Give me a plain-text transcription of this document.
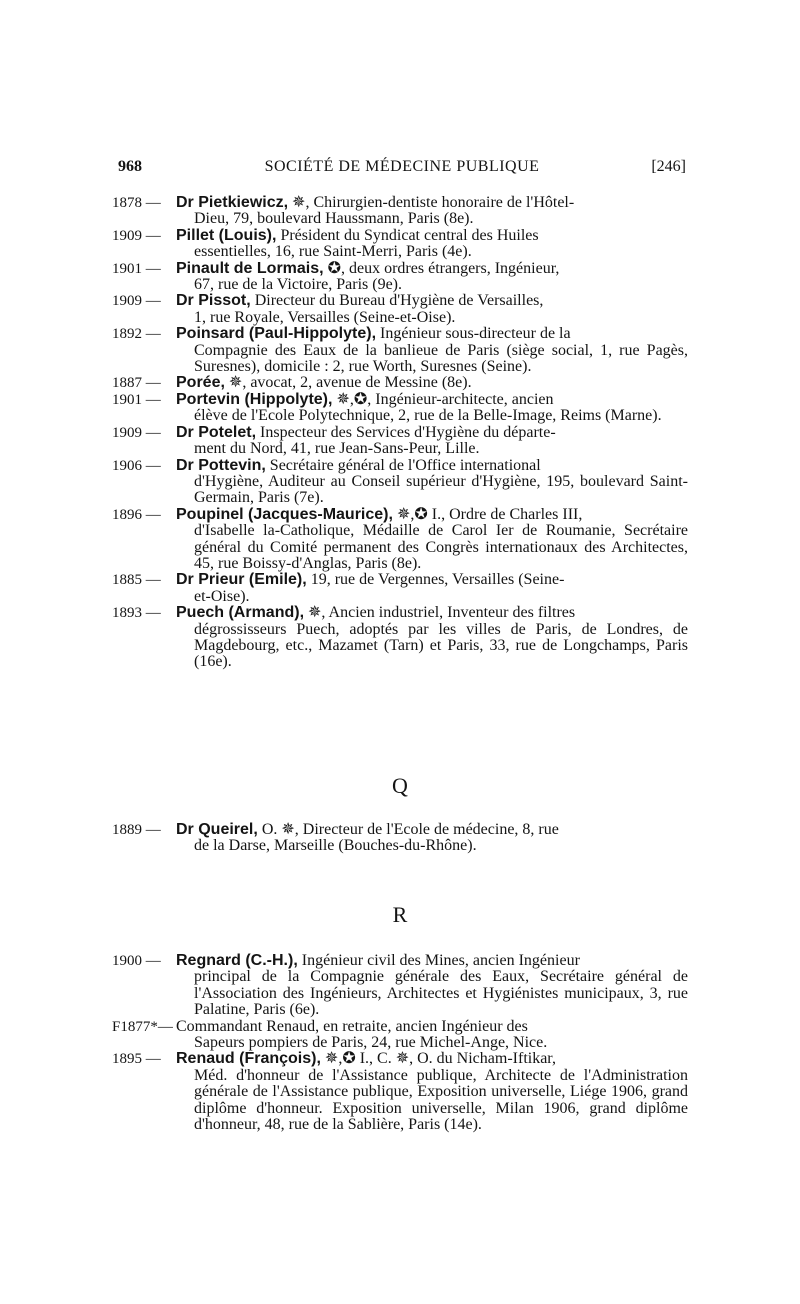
968	SOCIÉTÉ DE MÉDECINE PUBLIQUE	[246]
1878 — Dr Pietkiewicz, ✵, Chirurgien-dentiste honoraire de l'Hôtel-
Dieu, 79, boulevard Haussmann, Paris (8e).
1909 — Pillet (Louis), Président du Syndicat central des Huiles
essentielles, 16, rue Saint-Merri, Paris (4e).
1901 — Pinault de Lormais, ✪, deux ordres étrangers, Ingénieur,
67, rue de la Victoire, Paris (9e).
1909 — Dr Pissot, Directeur du Bureau d'Hygiène de Versailles,
1, rue Royale, Versailles (Seine-et-Oise).
1892 — Poinsard (Paul-Hippolyte), Ingénieur sous-directeur de la
Compagnie des Eaux de la banlieue de Paris (siège social, 1, rue Pagès, Suresnes), domicile : 2, rue Worth, Suresnes (Seine).
1887 — Porée, ✵, avocat, 2, avenue de Messine (8e).
1901 — Portevin (Hippolyte), ✵,✪, Ingénieur-architecte, ancien
élève de l'Ecole Polytechnique, 2, rue de la Belle-Image, Reims (Marne).
1909 — Dr Potelet, Inspecteur des Services d'Hygiène du départe-
ment du Nord, 41, rue Jean-Sans-Peur, Lille.
1906 — Dr Pottevin, Secrétaire général de l'Office international
d'Hygiène, Auditeur au Conseil supérieur d'Hygiène, 195, boulevard Saint-Germain, Paris (7e).
1896 — Poupinel (Jacques-Maurice), ✵,✪ I., Ordre de Charles III,
d'Isabelle la-Catholique, Médaille de Carol Ier de Roumanie, Secrétaire général du Comité permanent des Congrès internationaux des Architectes, 45, rue Boissy-d'Anglas, Paris (8e).
1885 — Dr Prieur (Emile), 19, rue de Vergennes, Versailles (Seine-
et-Oise).
1893 — Puech (Armand), ✵, Ancien industriel, Inventeur des filtres
dégrossisseurs Puech, adoptés par les villes de Paris, de Londres, de Magdebourg, etc., Mazamet (Tarn) et Paris, 33, rue de Longchamps, Paris (16e).
Q
1889 — Dr Queirel, O. ✵, Directeur de l'Ecole de médecine, 8, rue
de la Darse, Marseille (Bouches-du-Rhône).
R
1900 — Regnard (C.-H.), Ingénieur civil des Mines, ancien Ingénieur
principal de la Compagnie générale des Eaux, Secrétaire général de l'Association des Ingénieurs, Architectes et Hygiénistes municipaux, 3, rue Palatine, Paris (6e).
F1877*— Commandant Renaud, en retraite, ancien Ingénieur des
Sapeurs pompiers de Paris, 24, rue Michel-Ange, Nice.
1895 — Renaud (François), ✵,✪ I., C. ✵, O. du Nicham-Iftikar,
Méd. d'honneur de l'Assistance publique, Architecte de l'Administration générale de l'Assistance publique, Exposition universelle, Liége 1906, grand diplôme d'honneur. Exposition universelle, Milan 1906, grand diplôme d'honneur, 48, rue de la Sablière, Paris (14e).
